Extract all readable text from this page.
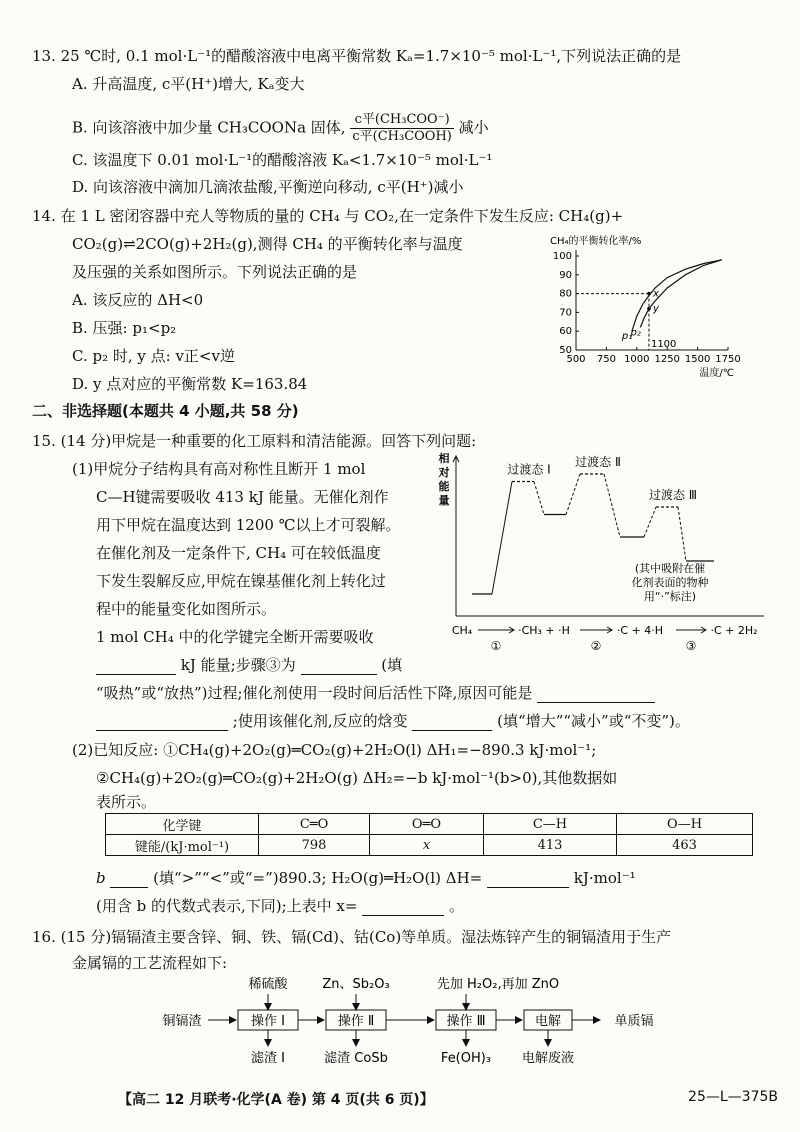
13. 25 ℃时, 0.1 mol·L⁻¹的醋酸溶液中电离平衡常数 Kₐ=1.7×10⁻⁵ mol·L⁻¹,下列说法正确的是
A. 升高温度, c平(H⁺)增大, Kₐ变大
B. 向该溶液中加少量 CH₃COONa 固体, $\frac{\text{c平(CH₃COO⁻)}}{\text{c平(CH₃COOH)}}$ 减小
C. 该温度下 0.01 mol·L⁻¹的醋酸溶液 Kₐ<1.7×10⁻⁵ mol·L⁻¹
D. 向该溶液中滴加几滴浓盐酸,平衡逆向移动, c平(H⁺)减小
14. 在 1 L 密闭容器中充人等物质的量的 CH₄ 与 CO₂,在一定条件下发生反应: CH₄(g)+
CO₂(g)⇌2CO(g)+2H₂(g),测得 CH₄ 的平衡转化率与温度
及压强的关系如图所示。下列说法正确的是
A. 该反应的 ΔH<0
B. 压强: p₁<p₂
C. p₂ 时, y 点: v正<v逆
D. y 点对应的平衡常数 K=163.84
CH₄的平衡转化率/%
500 750 1000 1250 1500 1750
50
60
70
80
90
100
温度/℃
p₁
p₂
x
y
1100
二、非选择题(本题共 4 小题,共 58 分)
15. (14 分)甲烷是一种重要的化工原料和清洁能源。回答下列问题:
(1)甲烷分子结构具有高对称性且断开 1 mol
C—H键需要吸收 413 kJ 能量。无催化剂作
用下甲烷在温度达到 1200 ℃以上才可裂解。
在催化剂及一定条件下, CH₄ 可在较低温度
下发生裂解反应,甲烷在镍基催化剂上转化过
程中的能量变化如图所示。
1 mol CH₄ 中的化学键完全断开需要吸收
kJ 能量;步骤③为	(填
“吸热”或“放热”)过程;催化剂使用一段时间后活性下降,原因可能是
;使用该催化剂,反应的焓变	(填“增大”“减小”或“不变”)。
相
对
能
量
过渡态 Ⅰ
过渡态 Ⅱ
过渡态 Ⅲ
(其中吸附在催
化剂表面的物种
用“·”标注)
CH₄
①
·CH₃ + ·H
②
·C + 4·H
③
·C + 2H₂
(2)已知反应: ①CH₄(g)+2O₂(g)═CO₂(g)+2H₂O(l) ΔH₁=−890.3 kJ·mol⁻¹;
②CH₄(g)+2O₂(g)═CO₂(g)+2H₂O(g) ΔH₂=−b kJ·mol⁻¹(b>0),其他数据如
表所示。
化学键	C═O	O═O	C—H	O—H
键能/(kJ·mol⁻¹)	798	x	413	463
b	(填“>”“<”或“=”)890.3; H₂O(g)═H₂O(l) ΔH=	kJ·mol⁻¹
(用含 b 的代数式表示,下同);上表中 x=	。
16. (15 分)镉镉渣主要含锌、铜、铁、镉(Cd)、钴(Co)等单质。湿法炼锌产生的铜镉渣用于生产
金属镉的工艺流程如下:
稀硫酸	Zn、Sb₂O₃	先加 H₂O₂,再加 ZnO
铜镉渣	操作 Ⅰ	操作 Ⅱ	操作 Ⅲ	电解	单质镉
滤渣 Ⅰ	滤渣 CoSb	Fe(OH)₃ 电解废液
【高二 12 月联考·化学(A 卷) 第 4 页(共 6 页)】	25—L—375B
